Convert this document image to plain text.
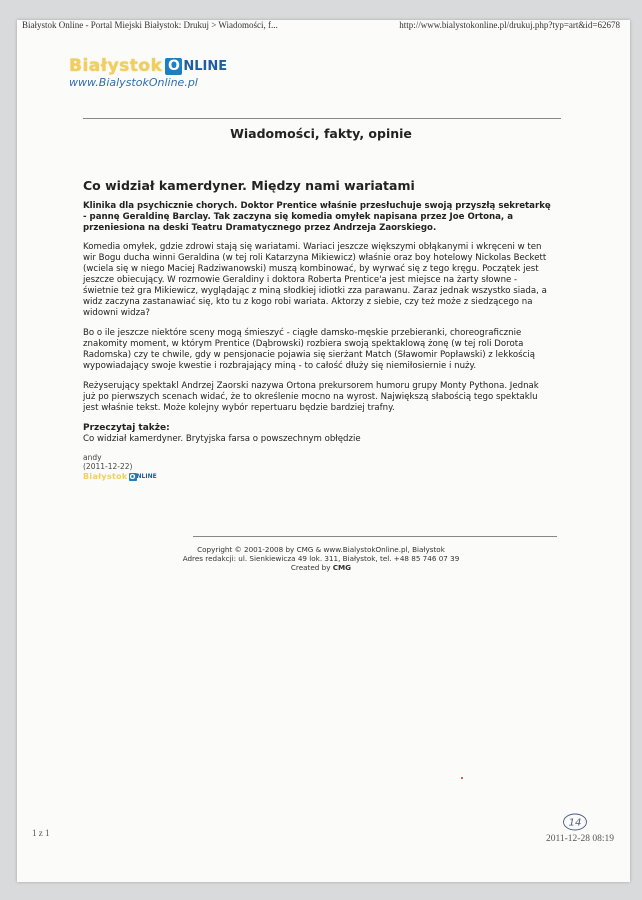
Białystok Online - Portal Miejski Białystok: Drukuj > Wiadomości, f...	http://www.bialystokonline.pl/drukuj.php?typ=art&id=62678
Białystok O NLINE
www.BialystokOnline.pl
Wiadomości, fakty, opinie
Co widział kamerdyner. Między nami wariatami
Klinika dla psychicznie chorych. Doktor Prentice właśnie przesłuchuje swoją przyszłą sekretarkę - pannę Geraldinę Barclay. Tak zaczyna się komedia omyłek napisana przez Joe Ortona, a przeniesiona na deski Teatru Dramatycznego przez Andrzeja Zaorskiego.
Komedia omyłek, gdzie zdrowi stają się wariatami. Wariaci jeszcze większymi obłąkanymi i wkręceni w ten wir Bogu ducha winni Geraldina (w tej roli Katarzyna Mikiewicz) właśnie oraz boy hotelowy Nickolas Beckett (wciela się w niego Maciej Radziwanowski) muszą kombinować, by wyrwać się z tego kręgu. Początek jest jeszcze obiecujący. W rozmowie Geraldiny i doktora Roberta Prentice'a jest miejsce na żarty słowne - świetnie też gra Mikiewicz, wyglądając z miną słodkiej idiotki zza parawanu. Zaraz jednak wszystko siada, a widz zaczyna zastanawiać się, kto tu z kogo robi wariata. Aktorzy z siebie, czy też może z siedzącego na widowni widza?
Bo o ile jeszcze niektóre sceny mogą śmieszyć - ciągłe damsko-męskie przebieranki, choreograficznie znakomity moment, w którym Prentice (Dąbrowski) rozbiera swoją spektaklową żonę (w tej roli Dorota Radomska) czy te chwile, gdy w pensjonacie pojawia się sierżant Match (Sławomir Popławski) z lekkością wypowiadający swoje kwestie i rozbrajający miną - to całość dłuży się niemiłosiernie i nuży.
Reżyserujący spektakl Andrzej Zaorski nazywa Ortona prekursorem humoru grupy Monty Pythona. Jednak już po pierwszych scenach widać, że to określenie mocno na wyrost. Największą słabością tego spektaklu jest właśnie tekst. Może kolejny wybór repertuaru będzie bardziej trafny.
Przeczytaj także:
Co widział kamerdyner. Brytyjska farsa o powszechnym obłędzie
andy
(2011-12-22)
Białystok O NLINE
Copyright © 2001-2008 by CMG & www.BialystokOnline.pl, Białystok
Adres redakcji: ul. Sienkiewicza 49 lok. 311, Białystok, tel. +48 85 746 07 39
Created by CMG
14
1 z 1
2011-12-28 08:19
